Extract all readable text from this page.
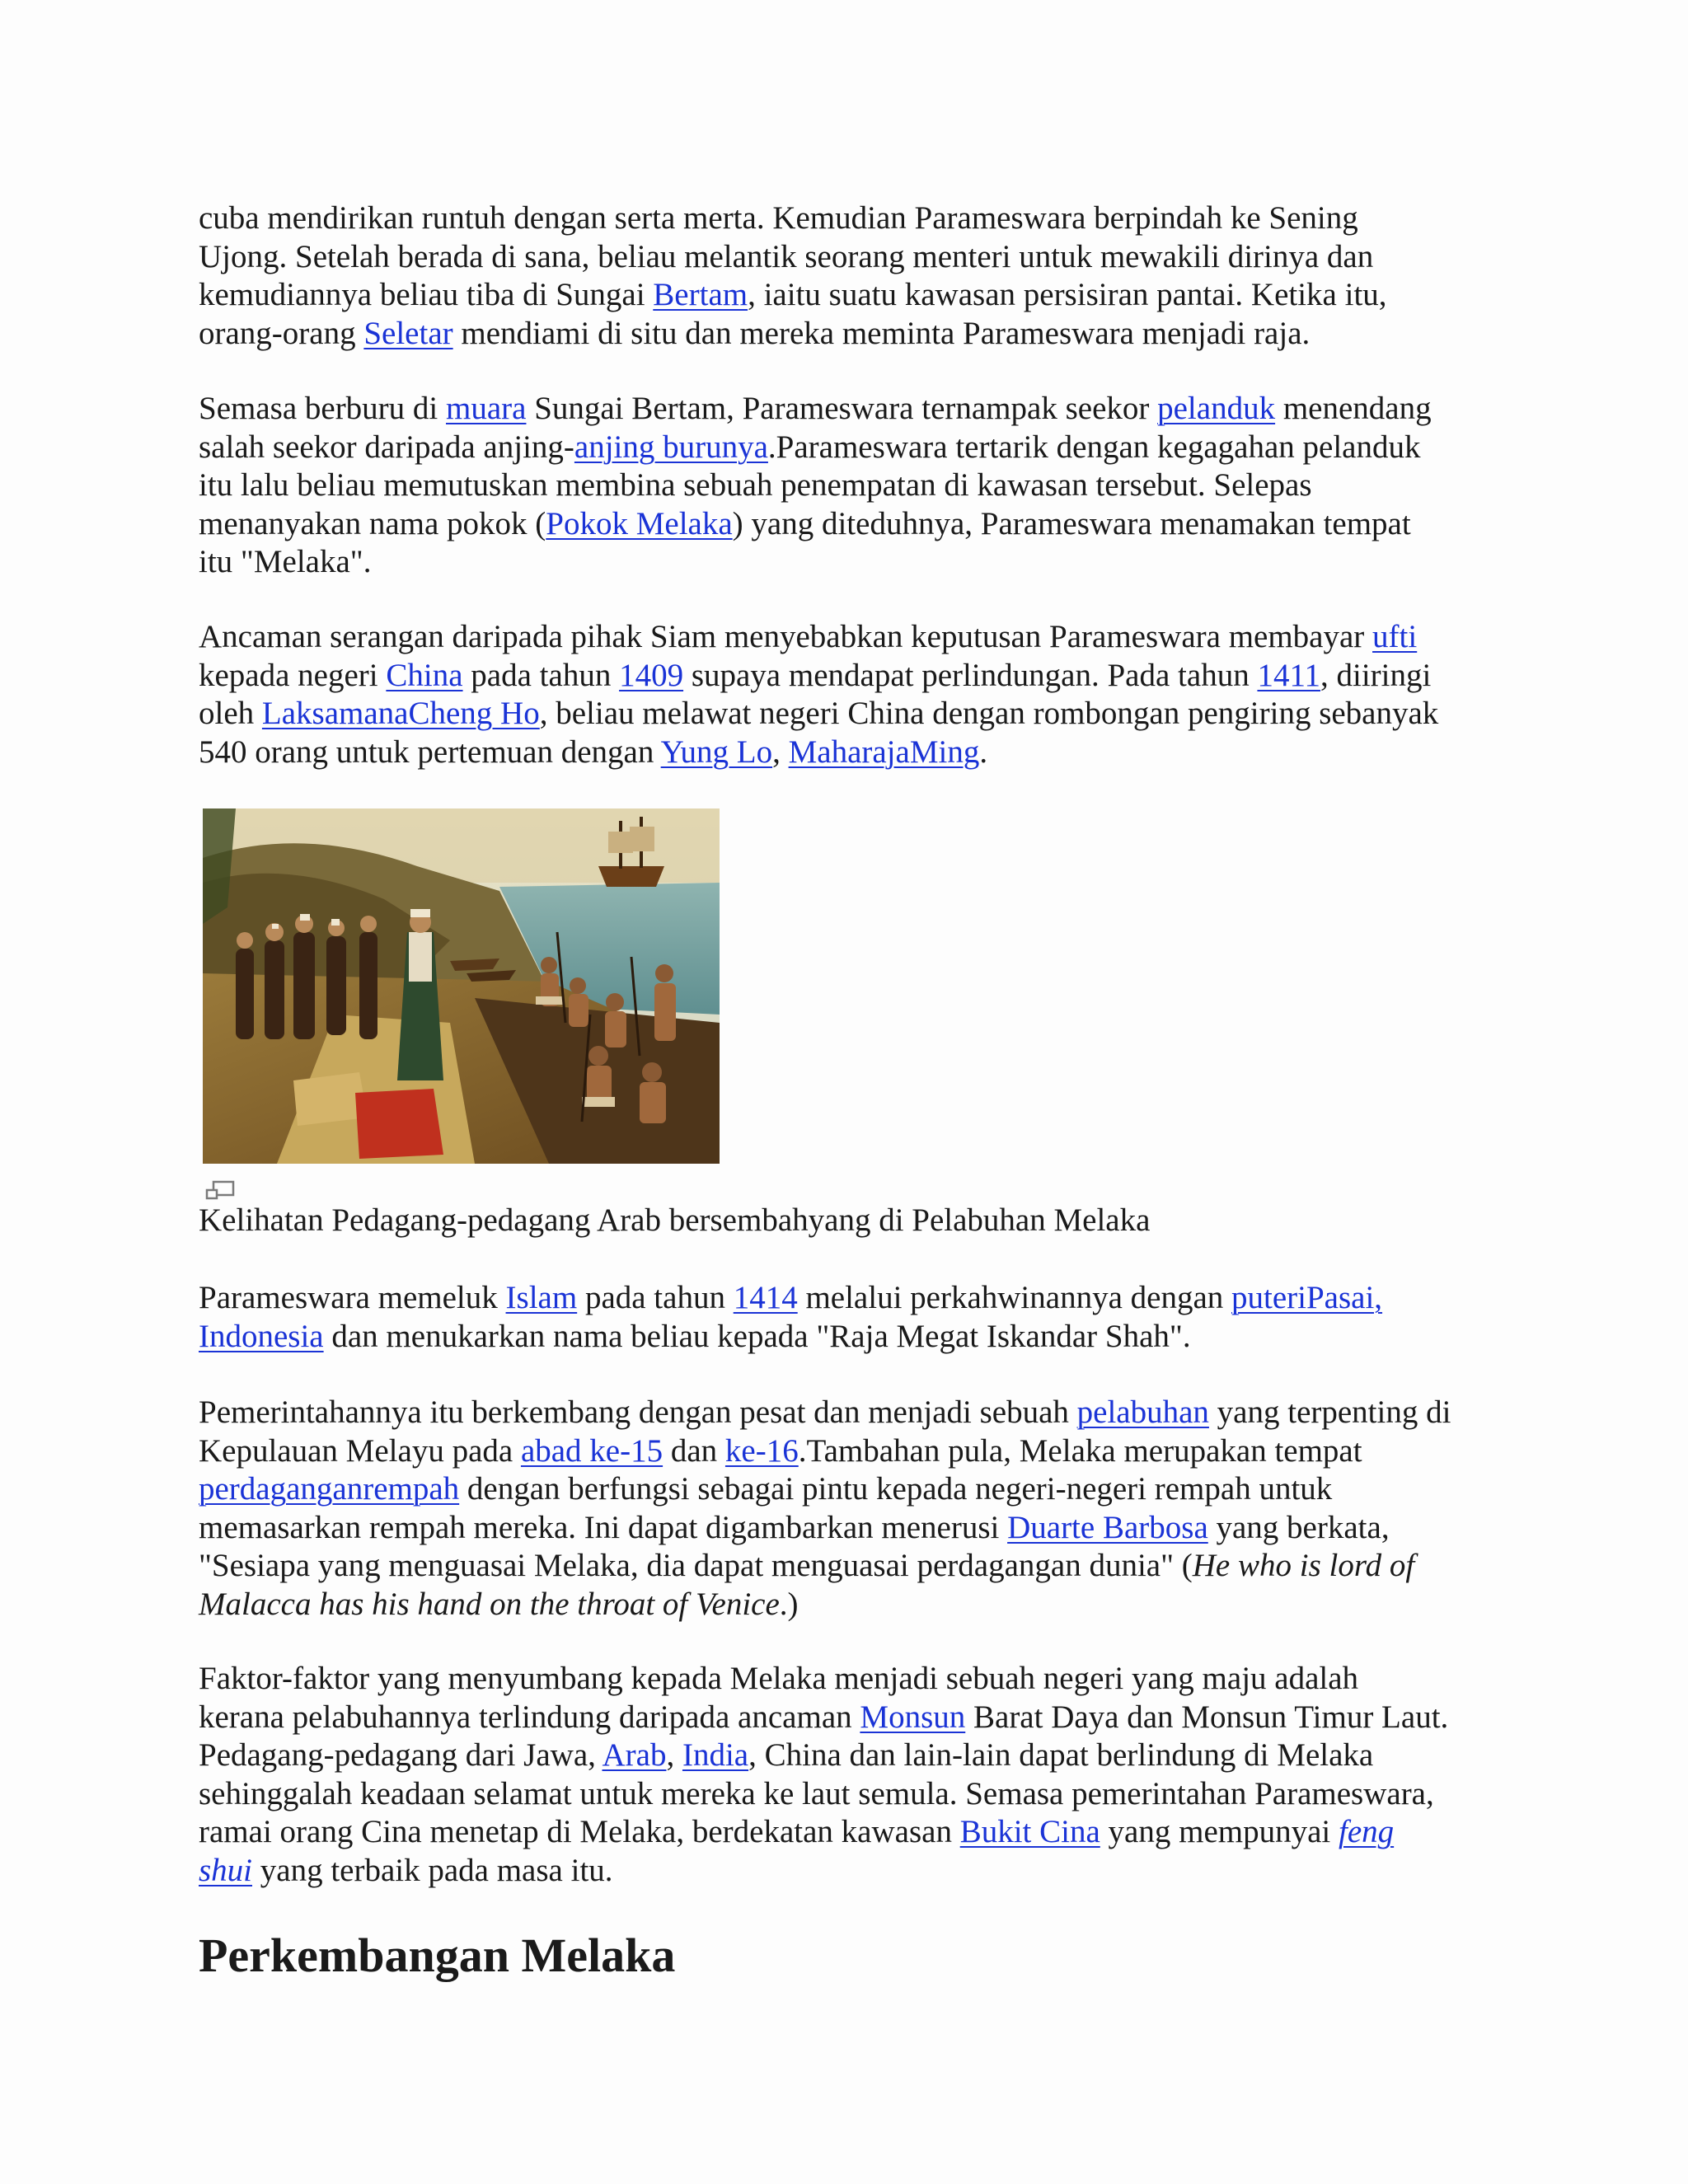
cuba mendirikan runtuh dengan serta merta. Kemudian Parameswara berpindah ke Sening
Ujong. Setelah berada di sana, beliau melantik seorang menteri untuk mewakili dirinya dan
kemudiannya beliau tiba di Sungai Bertam, iaitu suatu kawasan persisiran pantai. Ketika itu,
orang-orang Seletar mendiami di situ dan mereka meminta Parameswara menjadi raja.

Semasa berburu di muara Sungai Bertam, Parameswara ternampak seekor pelanduk menendang
salah seekor daripada anjing-anjing burunya.Parameswara tertarik dengan kegagahan pelanduk
itu lalu beliau memutuskan membina sebuah penempatan di kawasan tersebut. Selepas
menanyakan nama pokok (Pokok Melaka) yang diteduhnya, Parameswara menamakan tempat
itu "Melaka".

Ancaman serangan daripada pihak Siam menyebabkan keputusan Parameswara membayar ufti
kepada negeri China pada tahun 1409 supaya mendapat perlindungan. Pada tahun 1411, diiringi
oleh LaksamanaCheng Ho, beliau melawat negeri China dengan rombongan pengiring sebanyak
540 orang untuk pertemuan dengan Yung Lo, MaharajaMing.

Kelihatan Pedagang-pedagang Arab bersembahyang di Pelabuhan Melaka

Parameswara memeluk Islam pada tahun 1414 melalui perkahwinannya dengan puteriPasai,
Indonesia dan menukarkan nama beliau kepada "Raja Megat Iskandar Shah".

Pemerintahannya itu berkembang dengan pesat dan menjadi sebuah pelabuhan yang terpenting di
Kepulauan Melayu pada abad ke-15 dan ke-16.Tambahan pula, Melaka merupakan tempat
perdaganganrempah dengan berfungsi sebagai pintu kepada negeri-negeri rempah untuk
memasarkan rempah mereka. Ini dapat digambarkan menerusi Duarte Barbosa yang berkata,
"Sesiapa yang menguasai Melaka, dia dapat menguasai perdagangan dunia" (He who is lord of
Malacca has his hand on the throat of Venice.)

Faktor-faktor yang menyumbang kepada Melaka menjadi sebuah negeri yang maju adalah
kerana pelabuhannya terlindung daripada ancaman Monsun Barat Daya dan Monsun Timur Laut.
Pedagang-pedagang dari Jawa, Arab, India, China dan lain-lain dapat berlindung di Melaka
sehinggalah keadaan selamat untuk mereka ke laut semula. Semasa pemerintahan Parameswara,
ramai orang Cina menetap di Melaka, berdekatan kawasan Bukit Cina yang mempunyai feng
shui yang terbaik pada masa itu.

Perkembangan Melaka
